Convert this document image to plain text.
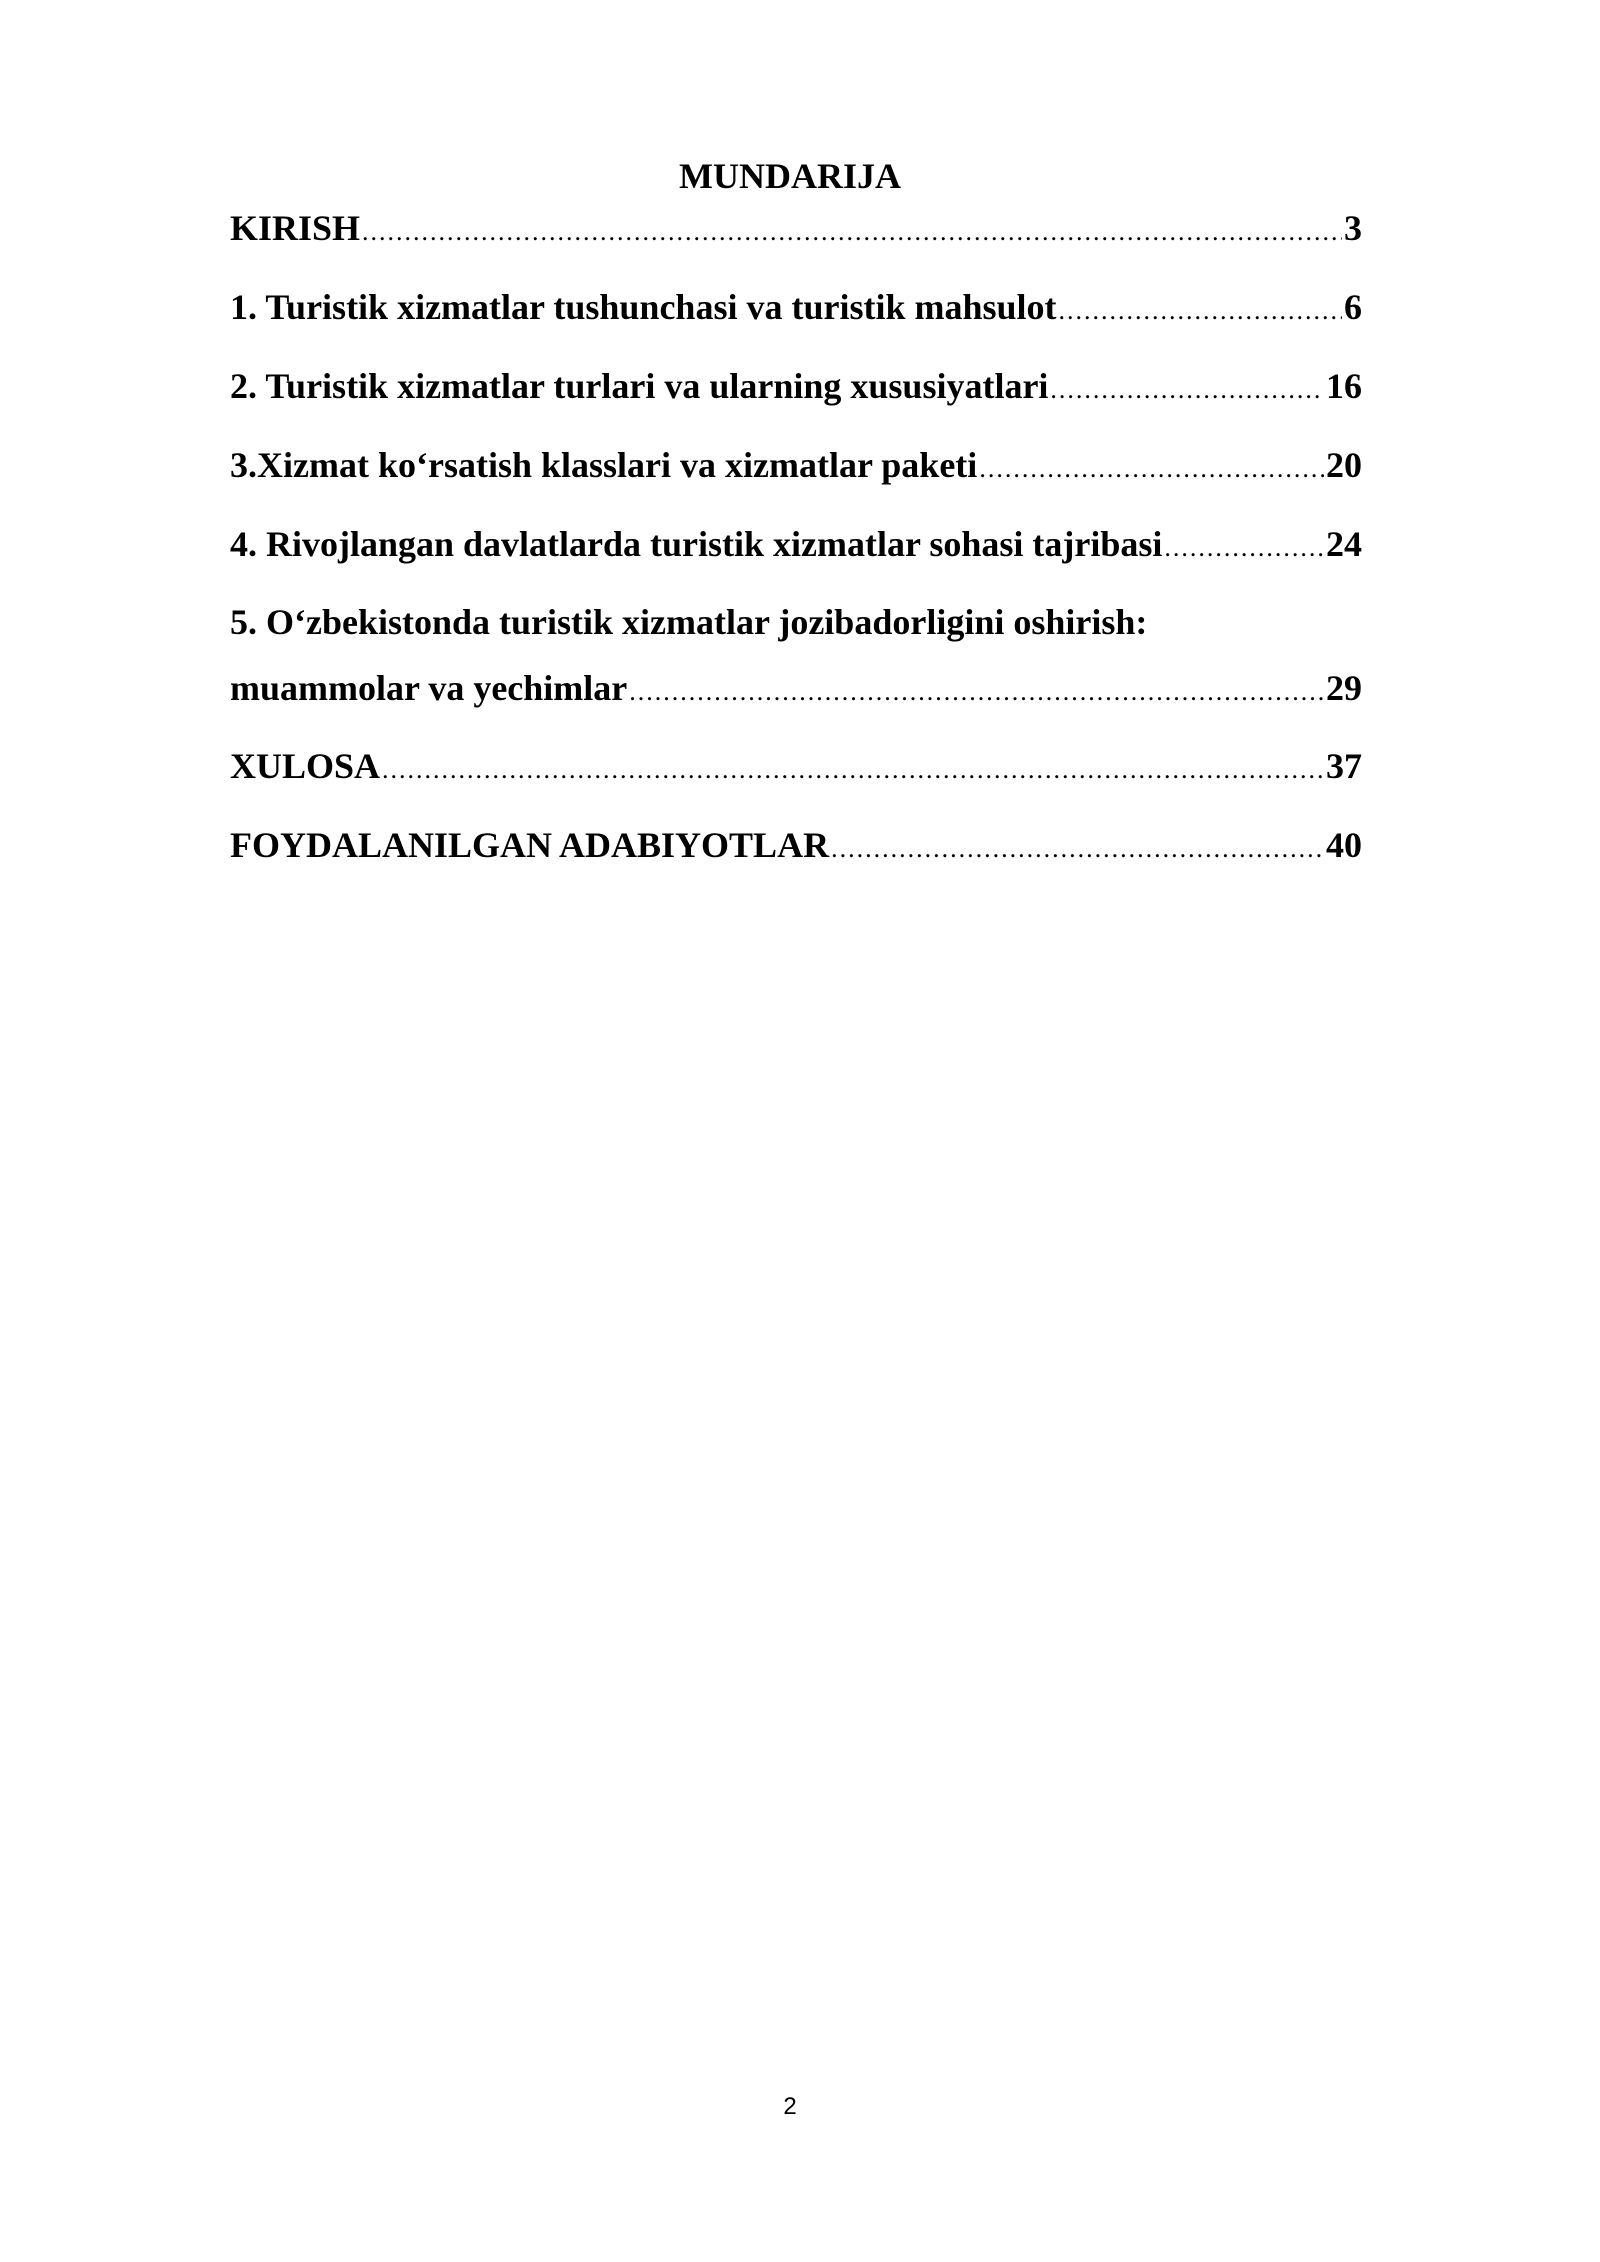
MUNDARIJA
KIRISH .....	3
1. Turistik xizmatlar tushunchasi va turistik mahsulot .....	6
2. Turistik xizmatlar turlari va ularning xususiyatlari .....	16
3.Xizmat ko‘rsatish klasslari va xizmatlar paketi .....	20
4. Rivojlangan davlatlarda turistik xizmatlar sohasi tajribasi .....	24
5. O‘zbekistonda turistik xizmatlar jozibadorligini oshirish:
muammolar va yechimlar .....	29
XULOSA .....	37
FOYDALANILGAN ADABIYOTLAR .....	40
2
